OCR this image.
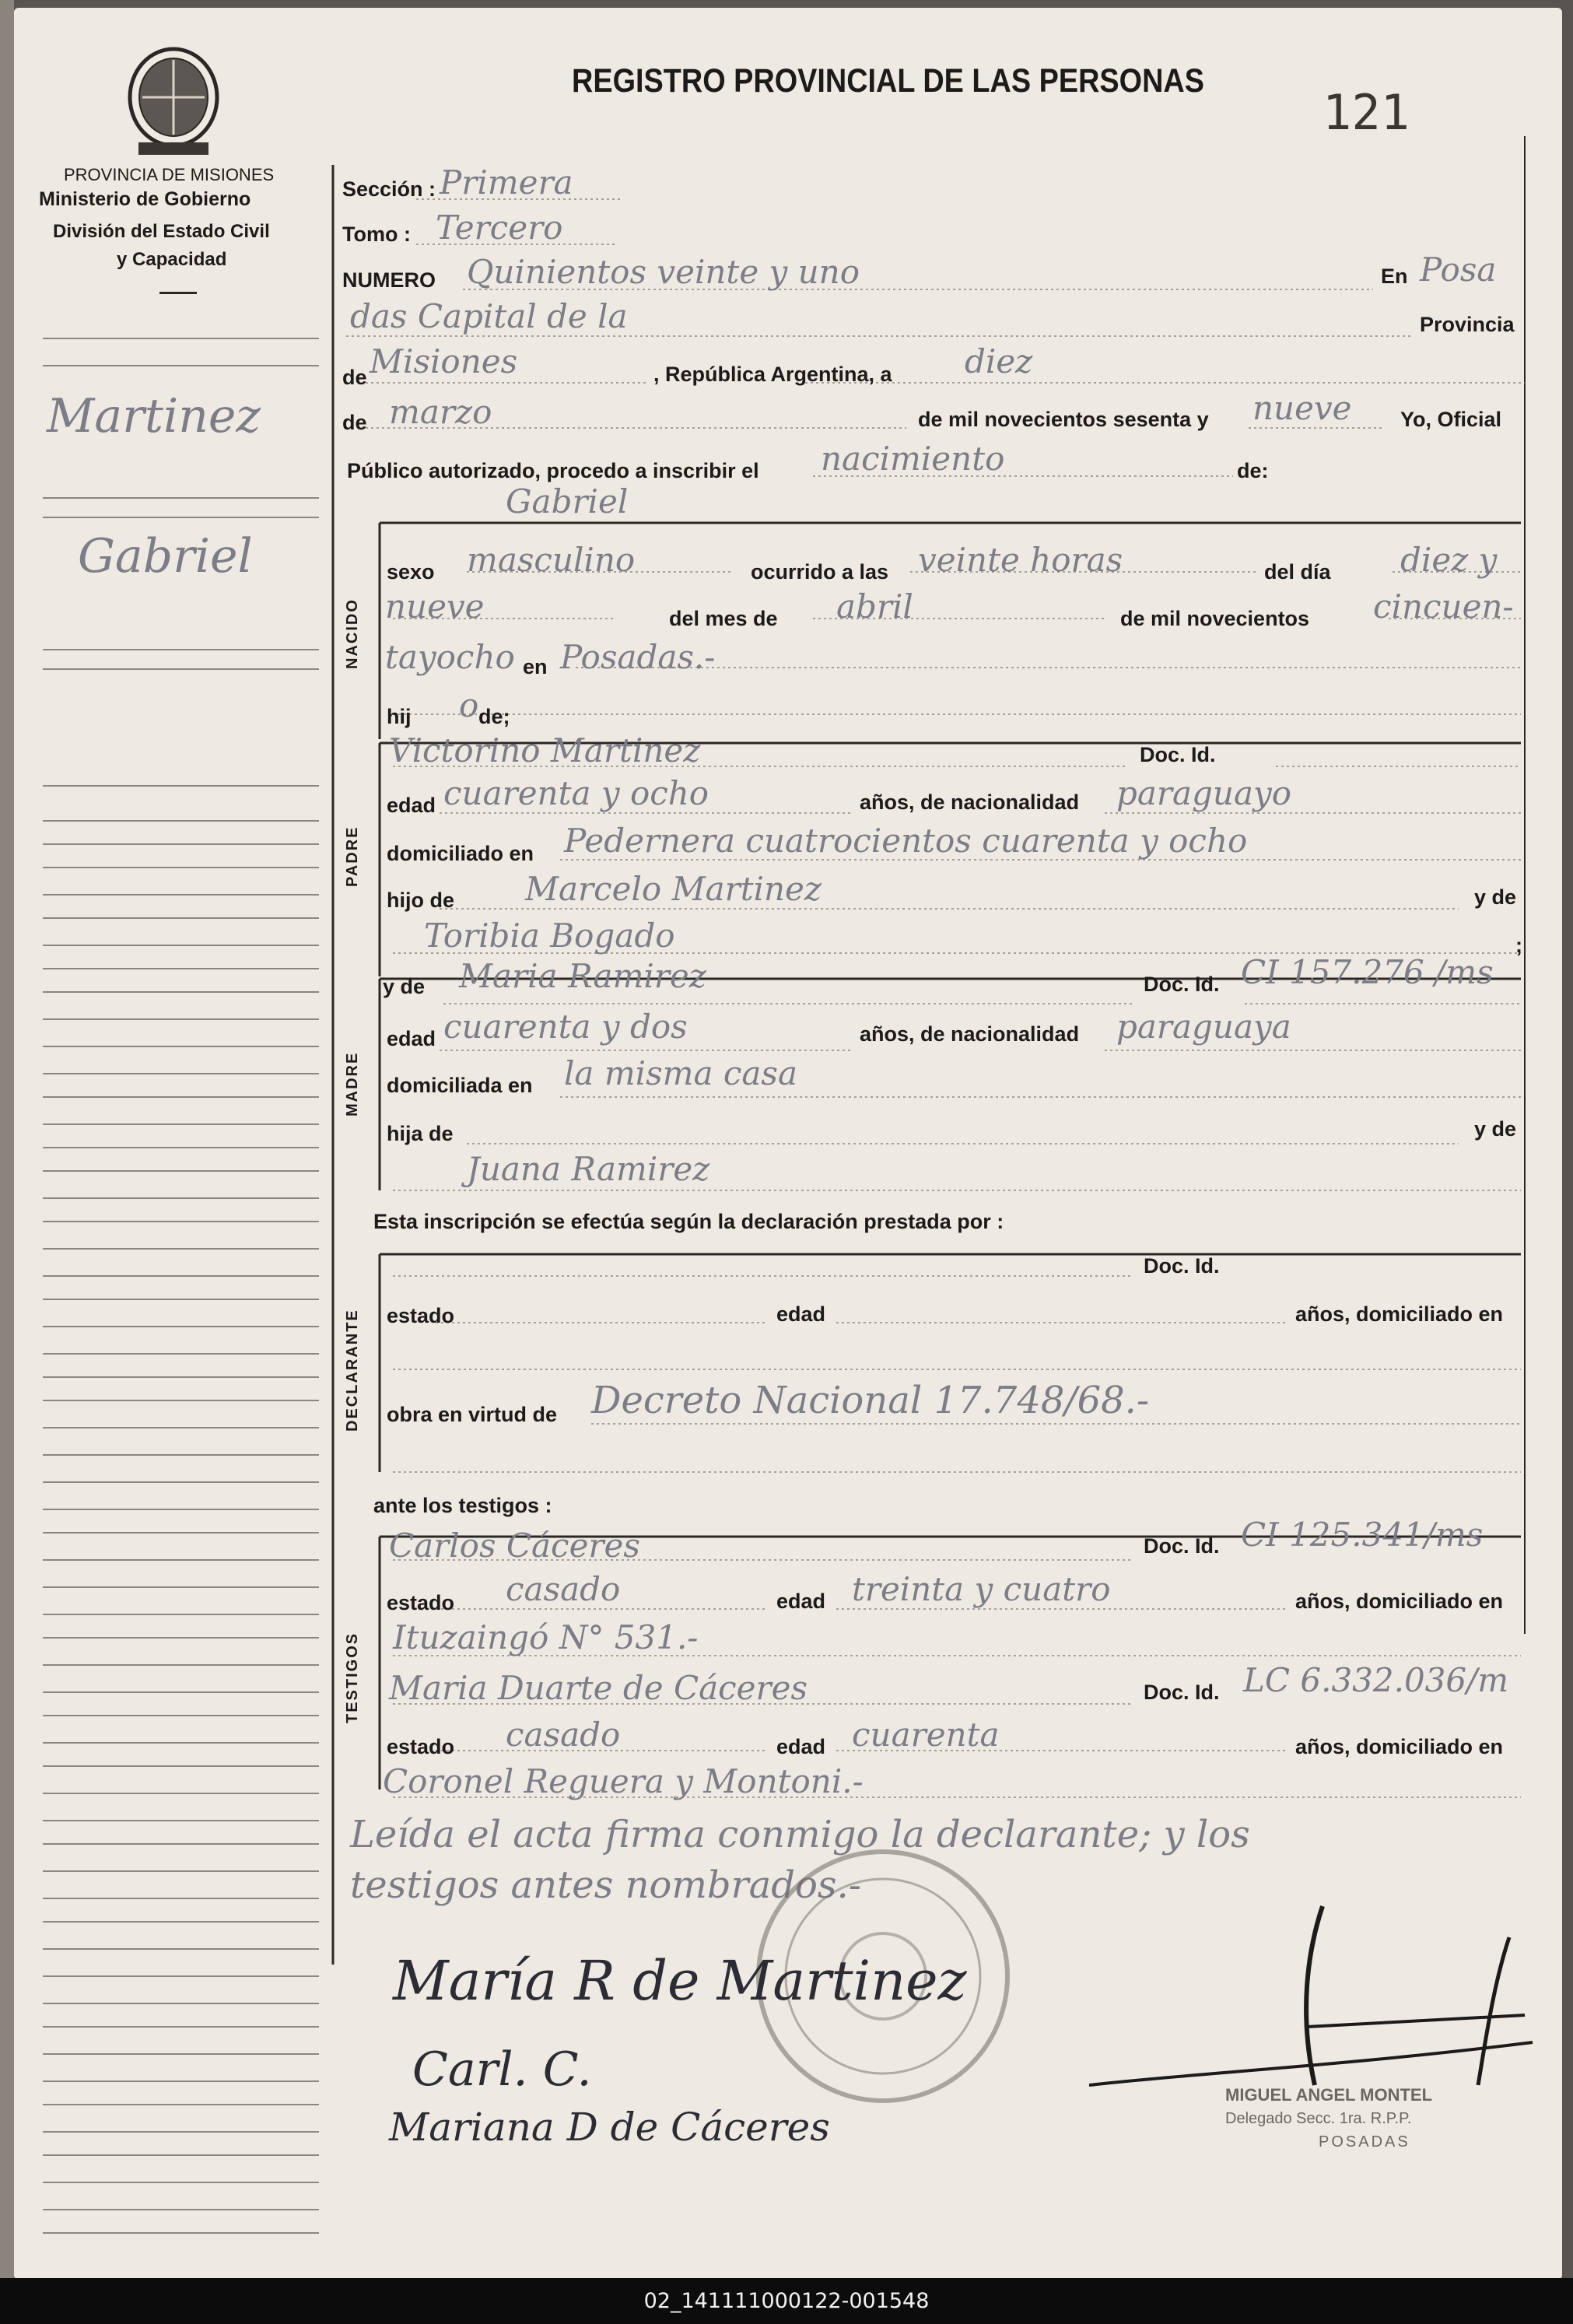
REGISTRO PROVINCIAL DE LAS PERSONAS
121
PROVINCIA DE MISIONES
Ministerio de Gobierno
División del Estado Civil
y Capacidad
Martinez
Gabriel
Sección : Primera
Tomo : Tercero
NUMERO Quinientos veinte y uno	En Posa
das Capital de la	Provincia
de Misiones	, República Argentina, a diez
de marzo	de mil novecientos sesenta y nueve Yo, Oficial
Público autorizado, procedo a inscribir el nacimiento	de:
Gabriel
NACIDO
sexo masculino	ocurrido a las veinte horas	del día diez y
nueve	del mes de abril	de mil novecientos cincuen-
tayocho en Posadas.-
hij o de;
PADRE
Victorino Martinez	Doc. Id.
edad cuarenta y ocho	años, de nacionalidad paraguayo
domiciliado en Pedernera cuatrocientos cuarenta y ocho
hijo de Marcelo Martinez	y de
Toribia Bogado	;
MADRE
y de Maria Ramirez	Doc. Id. CI 157.276 /ms
edad cuarenta y dos	años, de nacionalidad paraguaya
domiciliada en la misma casa
hija de	y de
Juana Ramirez
Esta inscripción se efectúa según la declaración prestada por :
DECLARANTE
Doc. Id.
estado	edad	años, domiciliado en
obra en virtud de Decreto Nacional 17.748/68.-
ante los testigos :
TESTIGOS
Carlos Cáceres	Doc. Id. CI 125.341/ms
estado casado	edad treinta y cuatro	años, domiciliado en
Ituzaingó N° 531.-
Maria Duarte de Cáceres	Doc. Id. LC 6.332.036/m
estado casado	edad cuarenta	años, domiciliado en
Coronel Reguera y Montoni.-
Leída el acta firma conmigo la declarante; y los
testigos antes nombrados.-
María R de Martinez
Carl. C.
Mariana D de Cáceres
MIGUEL ANGEL MONTEL
Delegado Secc. 1ra. R.P.P.
POSADAS
02_141111000122-001548
